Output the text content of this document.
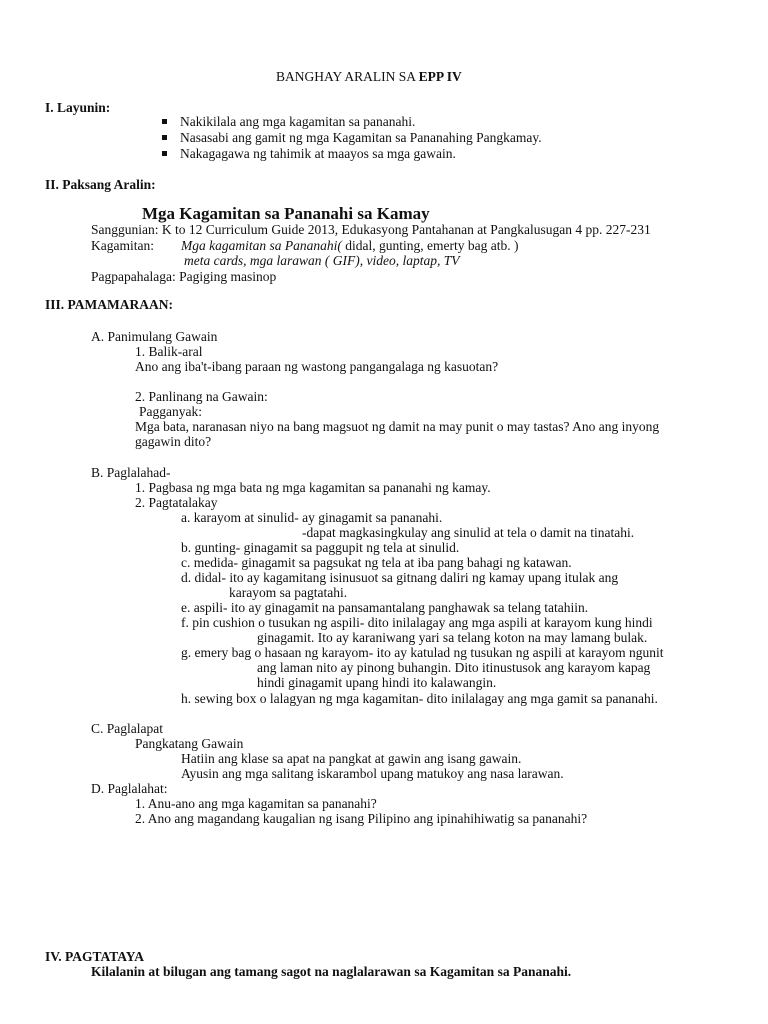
BANGHAY ARALIN SA EPP IV
I. Layunin:
Nakikilala ang mga kagamitan sa pananahi.
Nasasabi ang gamit ng mga Kagamitan sa Pananahing Pangkamay.
Nakagagawa ng tahimik at maayos sa mga gawain.
II. Paksang Aralin:
Mga Kagamitan sa Pananahi sa Kamay
Sanggunian: K to 12 Curriculum Guide 2013, Edukasyong Pantahanan at Pangkalusugan 4 pp. 227-231
Kagamitan: Mga kagamitan sa Pananahi( didal, gunting, emerty bag atb. )
meta cards, mga larawan ( GIF), video, laptap, TV
Pagpapahalaga: Pagiging masinop
III. PAMAMARAAN:
A. Panimulang Gawain
1. Balik-aral
Ano ang iba't-ibang paraan ng wastong pangangalaga ng kasuotan?
2. Panlinang na Gawain:
Pagganyak:
Mga bata, naranasan niyo na bang magsuot ng damit na may punit o may tastas? Ano ang inyong
gagawin dito?
B. Paglalahad-
1. Pagbasa ng mga bata ng mga kagamitan sa pananahi ng kamay.
2. Pagtatalakay
a. karayom at sinulid- ay ginagamit sa pananahi.
-dapat magkasingkulay ang sinulid at tela o damit na tinatahi.
b. gunting- ginagamit sa paggupit ng tela at sinulid.
c. medida- ginagamit sa pagsukat ng tela at iba pang bahagi ng katawan.
d. didal- ito ay kagamitang isinusuot sa gitnang daliri ng kamay upang itulak ang
karayom sa pagtatahi.
e. aspili- ito ay ginagamit na pansamantalang panghawak sa telang tatahiin.
f. pin cushion o tusukan ng aspili- dito inilalagay ang mga aspili at karayom kung hindi
ginagamit. Ito ay karaniwang yari sa telang koton na may lamang bulak.
g. emery bag o hasaan ng karayom- ito ay katulad ng tusukan ng aspili at karayom ngunit
ang laman nito ay pinong buhangin. Dito itinustusok ang karayom kapag
hindi ginagamit upang hindi ito kalawangin.
h. sewing box o lalagyan ng mga kagamitan- dito inilalagay ang mga gamit sa pananahi.
C. Paglalapat
Pangkatang Gawain
Hatiin ang klase sa apat na pangkat at gawin ang isang gawain.
Ayusin ang mga salitang iskarambol upang matukoy ang nasa larawan.
D. Paglalahat:
1. Anu-ano ang mga kagamitan sa pananahi?
2. Ano ang magandang kaugalian ng isang Pilipino ang ipinahihiwatig sa pananahi?
IV. PAGTATAYA
Kilalanin at bilugan ang tamang sagot na naglalarawan sa Kagamitan sa Pananahi.
